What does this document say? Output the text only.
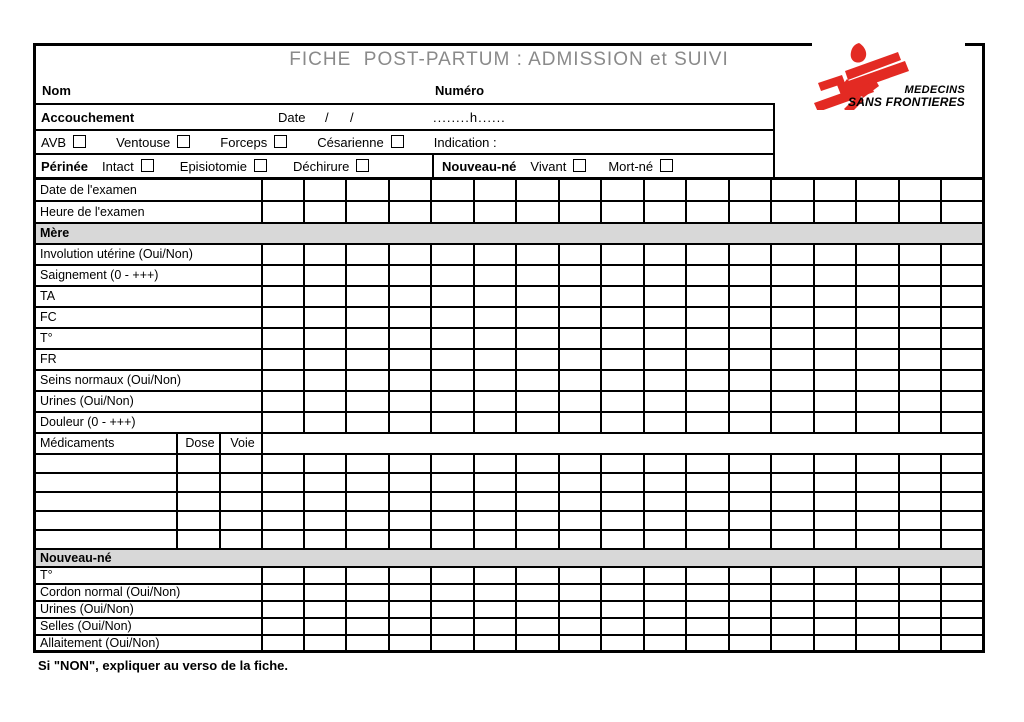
FICHE  POST-PARTUM : ADMISSION et SUIVI
Nom	Numéro
Accouchement	Date / /	........h......
AVB	Ventouse	Forceps	Césarienne	Indication :
Périnée Intact	Episiotomie	Déchirure	Nouveau-né Vivant	Mort-né
MEDECINS
SANS FRONTIERES
Date de l'examen																			
Heure de l'examen																			
Mère																			
Involution utérine (Oui/Non)																			
Saignement (0 - +++)																			
TA																			
FC																			
T°																			
FR																			
Seins normaux (Oui/Non)																			
Urines (Oui/Non)																			
Douleur (0 - +++)																			
Médicaments	Dose	Voie																	

Nouveau-né																			
T°																			
Cordon normal (Oui/Non)																			
Urines (Oui/Non)																			
Selles (Oui/Non)																			
Allaitement (Oui/Non)																			
Si "NON", expliquer au verso de la fiche.
